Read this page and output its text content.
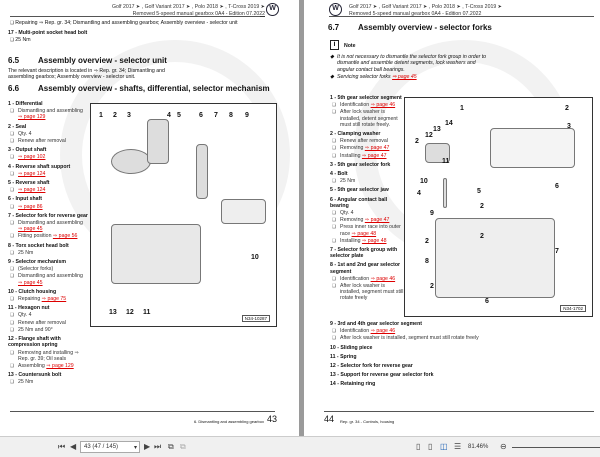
Golf 2017 ➤ , Golf Variant 2017 ➤ , Polo 2018 ➤ , T-Cross 2019 ➤
Removed 5-speed manual gearbox 0A4 - Edition 07.2022
W
❑ Repairing ⇒ Rep. gr. 34; Dismantling and assembling gearbox; Assembly overview - selector unit
17 - Multi-point socket head bolt
❑ 25 Nm
6.5 Assembly overview - selector unit
The relevant description is located in ⇒ Rep. gr. 34; Dismantling and assembling gearbox; Assembly overview - selector unit.
6.6 Assembly overview - shafts, differential, selector mechanism
1 - Differential
❑ Dismantling and assembling ⇒ page 129
2 - Seal
❑ Qty. 4
❑ Renew after removal
3 - Output shaft
❑ ⇒ page 102
4 - Reverse shaft support
❑ ⇒ page 124
5 - Reverse shaft
❑ ⇒ page 124
6 - Input shaft
❑ ⇒ page 86
7 - Selector fork for reverse gear
❑ Dismantling and assembling ⇒ page 45
❑ Fitting position ⇒ page 56
8 - Torx socket head bolt
❑ 25 Nm
9 - Selector mechanism
❑ (Selector forks)
❑ Dismantling and assembling ⇒ page 45
10 - Clutch housing
❑ Repairing ⇒ page 75
11 - Hexagon nut
❑ Qty. 4
❑ Renew after removal
❑ 25 Nm and 90°
12 - Flange shaft with compression spring
❑ Removing and installing ⇒ Rep. gr. 39; Oil seals
❑ Assembling ⇒ page 129
13 - Countersunk bolt
❑ 25 Nm
N34-10287
1 2 3	4 5	6 7 8 9
10
11
12
13
6. Dismantling and assembling gearbox 43
W	Golf 2017 ➤ , Golf Variant 2017 ➤ , Polo 2018 ➤ , T-Cross 2019 ➤
Removed 5-speed manual gearbox 0A4 - Edition 07.2022
6.7 Assembly overview - selector forks
i	Note
◆ It is not necessary to dismantle the selector fork group in order to dismantle and assemble detent segments, lock washers and angular contact ball bearings.
◆ Servicing selector forks ⇒ page 45
1 - 5th gear selector segment
❑ Identification ⇒ page 46
❑ After lock washer is installed, detent segment must still rotate freely.
2 - Clamping washer
❑ Renew after removal
❑ Removing ⇒ page 47
❑ Installing ⇒ page 47
3 - 5th gear selector fork
4 - Bolt
❑ 25 Nm
5 - 5th gear selector jaw
6 - Angular contact ball bearing
❑ Qty. 4
❑ Removing ⇒ page 47
❑ Press inner race into outer race ⇒ page 48
❑ Installing ⇒ page 48
7 - Selector fork group with selector plate
8 - 1st and 2nd gear selector segment
❑ Identification ⇒ page 46
❑ After lock washer is installed, segment must still rotate freely
9 - 3rd and 4th gear selector segment
❑ Identification ⇒ page 46
❑ After lock washer is installed, segment must still rotate freely
10 - Sliding piece
11 - Spring
12 - Selector fork for reverse gear
13 - Support for reverse gear selector fork
14 - Retaining ring
N34-1702
1	2
3
14
13
12
2
11
10
4	5
6
9
2
2
2
8
7
2
6
44 Rep. gr. 34 - Controls, housing
⏮ ◀	43 (47 / 145)	▾ ▶ ⏭ ⧉ ⧉	▯ ▯ ◫ ☰ 81.46% ⊖
